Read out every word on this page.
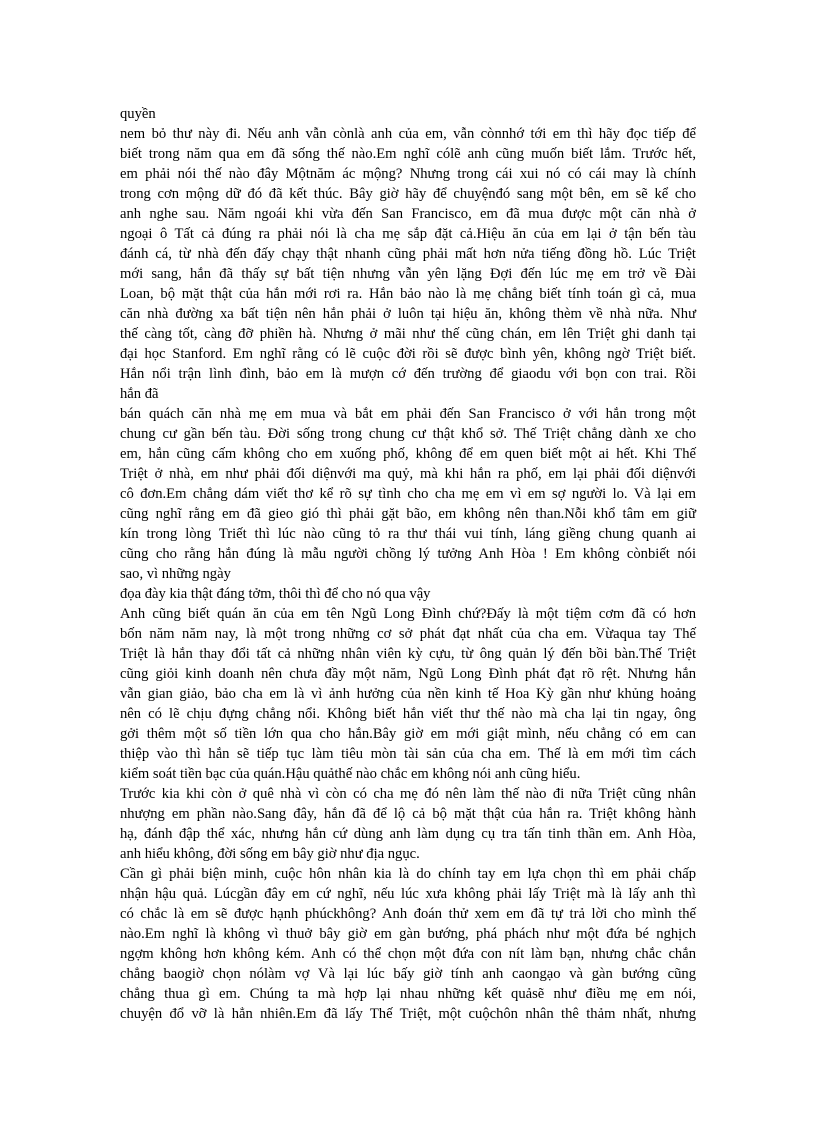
quyền
nem bỏ thư này đi. Nếu anh vẫn cònlà anh của em, vẫn cònnhớ tới em thì hãy đọc tiếp để
biết trong năm qua em đã sống thế nào.Em nghĩ cólẽ anh cũng muốn biết lắm. Trước hết,
em phải nói thế nào đây Mộtnăm ác mộng? Nhưng trong cái xui nó có cái may là chính
trong cơn mộng dữ đó đã kết thúc. Bây giờ hãy để chuyệnđó sang một bên, em sẽ kể cho
anh nghe sau. Năm ngoái khi vừa đến San Francisco, em đã mua được một căn nhà ở
ngoại ô Tất cả đúng ra phải nói là cha mẹ sắp đặt cả.Hiệu ăn của em lại ở tận bến tàu
đánh cá, từ nhà đến đấy chạy thật nhanh cũng phải mất hơn nửa tiếng đồng hồ. Lúc Triệt
mới sang, hắn đã thấy sự bất tiện nhưng vẫn yên lặng Đợi đến lúc mẹ em trở về Đài
Loan, bộ mặt thật của hắn mới rơi ra. Hắn bảo nào là mẹ chẳng biết tính toán gì cả, mua
căn nhà đường xa bất tiện nên hắn phải ở luôn tại hiệu ăn, không thèm về nhà nữa. Như
thế càng tốt, càng đỡ phiền hà. Nhưng ở mãi như thế cũng chán, em lên Triệt ghi danh tại
đại học Stanford. Em nghĩ rằng có lẽ cuộc đời rồi sẽ được bình yên, không ngờ Triệt biết.
Hắn nổi trận lình đình, bảo em là mượn cớ đến trường để giaodu với bọn con trai. Rồi
hắn đã
bán quách căn nhà mẹ em mua và bắt em phải đến San Francisco ở với hắn trong một
chung cư gần bến tàu. Đời sống trong chung cư thật khổ sở. Thế Triệt chẳng dành xe cho
em, hắn cũng cấm không cho em xuống phố, không để em quen biết một ai hết. Khi Thế
Triệt ở nhà, em như phải đối diệnvới ma quỷ, mà khi hắn ra phố, em lại phải đối diệnvới
cô đơn.Em chẳng dám viết thơ kể rõ sự tình cho cha mẹ em vì em sợ người lo. Và lại em
cũng nghĩ rằng em đã gieo gió thì phải gặt bão, em không nên than.Nỗi khổ tâm em giữ
kín trong lòng Triết thì lúc nào cũng tỏ ra thư thái vui tính, láng giềng chung quanh ai
cũng cho rằng hắn đúng là mẫu người chồng lý tưởng Anh Hòa ! Em không cònbiết nói
sao, vì những ngày
đọa đày kia thật đáng tởm, thôi thì để cho nó qua vậy
Anh cũng biết quán ăn của em tên Ngũ Long Đình chứ?Đấy là một tiệm cơm đã có hơn
bốn năm năm nay, là một trong những cơ sở phát đạt nhất của cha em. Vừaqua tay Thế
Triệt là hắn thay đổi tất cả những nhân viên kỳ cựu, từ ông quản lý đến bồi bàn.Thế Triệt
cũng giỏi kinh doanh nên chưa đầy một năm, Ngũ Long Đình phát đạt rõ rệt. Nhưng hắn
vẫn gian giảo, bảo cha em là vì ảnh hưởng của nền kinh tế Hoa Kỳ gần như khủng hoảng
nên có lẽ chịu đựng chẳng nổi. Không biết hắn viết thư thế nào mà cha lại tin ngay, ông
gởi thêm một số tiền lớn qua cho hắn.Bây giờ em mới giật mình, nếu chẳng có em can
thiệp vào thì hắn sẽ tiếp tục làm tiêu mòn tài sản của cha em. Thế là em mới tìm cách
kiểm soát tiền bạc của quán.Hậu quảthế nào chắc em không nói anh cũng hiểu.
Trước kia khi còn ở quê nhà vì còn có cha mẹ đó nên làm thế nào đi nữa Triệt cũng nhân
nhượng em phần nào.Sang đây, hắn đã để lộ cả bộ mặt thật của hắn ra. Triệt không hành
hạ, đánh đập thể xác, nhưng hắn cứ dùng anh làm dụng cụ tra tấn tinh thần em. Anh Hòa,
anh hiểu không, đời sống em bây giờ như địa ngục.
Cần gì phải biện minh, cuộc hôn nhân kia là do chính tay em lựa chọn thì em phải chấp
nhận hậu quả. Lúcgần đây em cứ nghĩ, nếu lúc xưa không phải lấy Triệt mà là lấy anh thì
có chắc là em sẽ được hạnh phúckhông? Anh đoán thử xem em đã tự trả lời cho mình thế
nào.Em nghĩ là không vì thuở bây giờ em gàn bướng, phá phách như một đứa bé nghịch
ngợm không hơn không kém. Anh có thể chọn một đứa con nít làm bạn, nhưng chắc chắn
chẳng baogiờ chọn nólàm vợ Và lại lúc bấy giờ tính anh caongạo và gàn bướng cũng
chẳng thua gì em. Chúng ta mà hợp lại nhau những kết quảsẽ như điều mẹ em nói,
chuyện đổ vỡ là hẳn nhiên.Em đã lấy Thế Triệt, một cuộchôn nhân thê thảm nhất, nhưng
